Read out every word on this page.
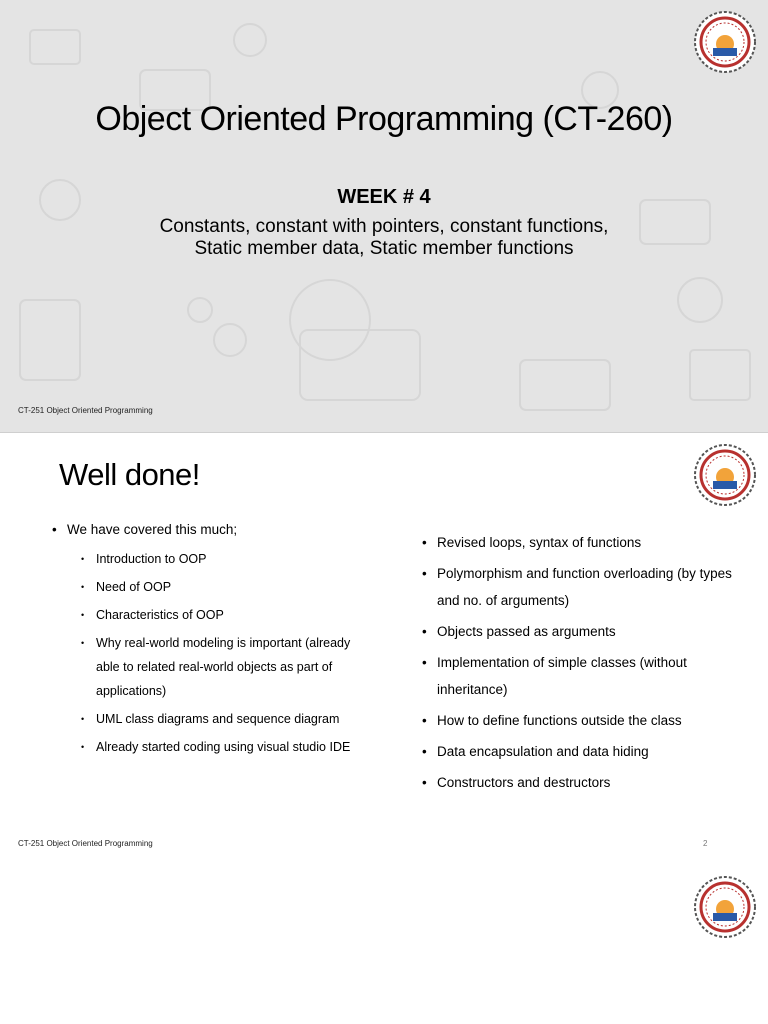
Object Oriented Programming (CT-260)
WEEK # 4
Constants, constant with pointers, constant functions,
Static member data, Static member functions
CT-251 Object Oriented Programming
Well done!
• We have covered this much;
• Introduction to OOP
• Need of OOP
• Characteristics of OOP
• Why real-world modeling is important (already able to related real-world objects as part of applications)
• UML class diagrams and sequence diagram
• Already started coding using visual studio IDE
• Revised loops, syntax of functions
• Polymorphism and function overloading (by types and no. of arguments)
• Objects passed as arguments
• Implementation of simple classes (without inheritance)
• How to define functions outside the class
• Data encapsulation and data hiding
• Constructors and destructors
CT-251 Object Oriented Programming	2
